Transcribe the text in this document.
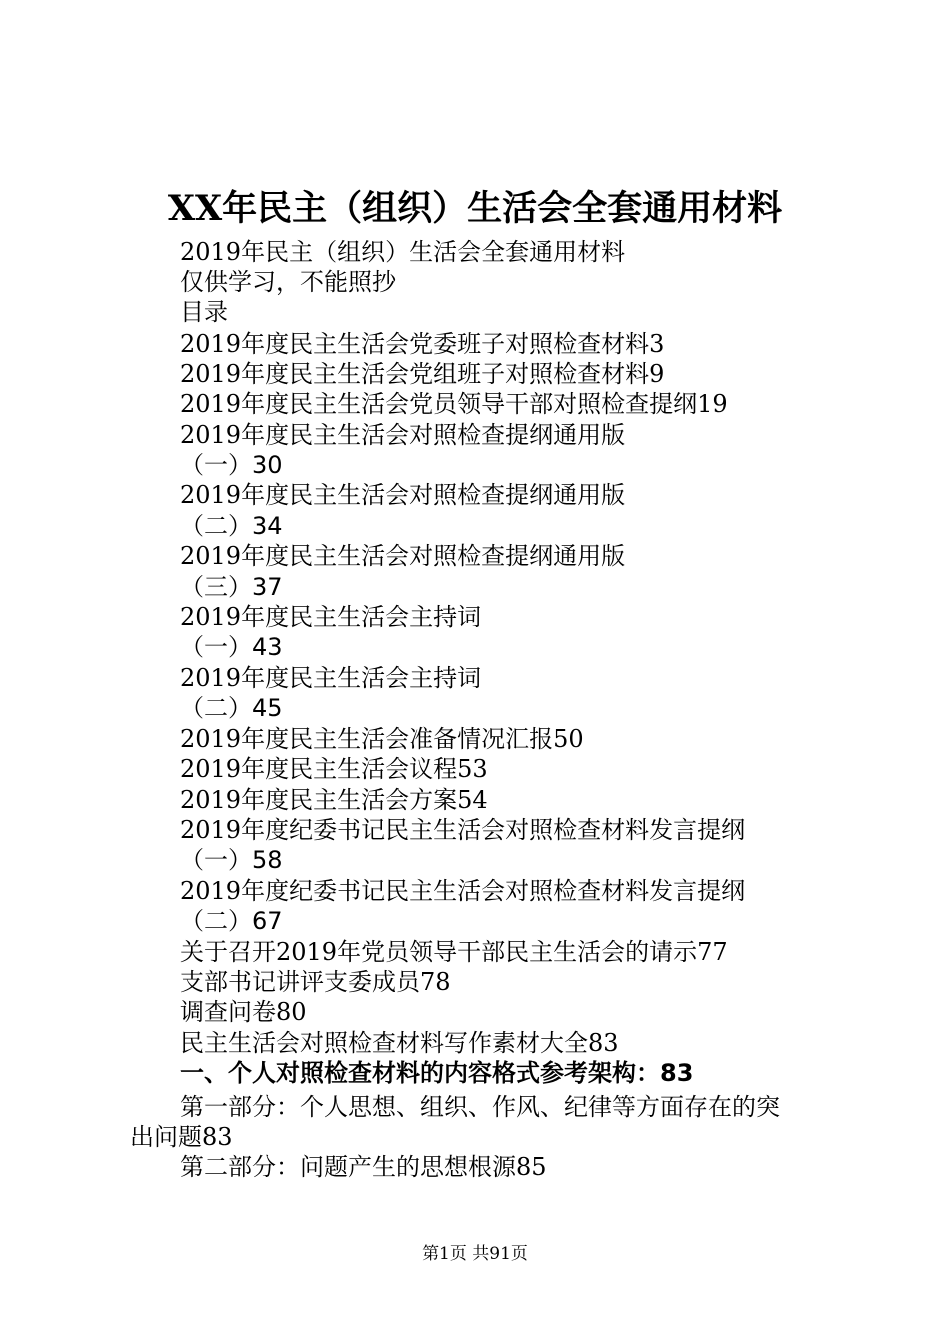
XX年民主（组织）生活会全套通用材料
2019年民主（组织）生活会全套通用材料
仅供学习，不能照抄
目录
2019年度民主生活会党委班子对照检查材料3
2019年度民主生活会党组班子对照检查材料9
2019年度民主生活会党员领导干部对照检查提纲19
2019年度民主生活会对照检查提纲通用版
（一）30
2019年度民主生活会对照检查提纲通用版
（二）34
2019年度民主生活会对照检查提纲通用版
（三）37
2019年度民主生活会主持词
（一）43
2019年度民主生活会主持词
（二）45
2019年度民主生活会准备情况汇报50
2019年度民主生活会议程53
2019年度民主生活会方案54
2019年度纪委书记民主生活会对照检查材料发言提纲
（一）58
2019年度纪委书记民主生活会对照检查材料发言提纲
（二）67
关于召开2019年党员领导干部民主生活会的请示77
支部书记讲评支委成员78
调查问卷80
民主生活会对照检查材料写作素材大全83
一、个人对照检查材料的内容格式参考架构：83
第一部分：个人思想、组织、作风、纪律等方面存在的突
出问题83
第二部分：问题产生的思想根源85
第1页 共91页
